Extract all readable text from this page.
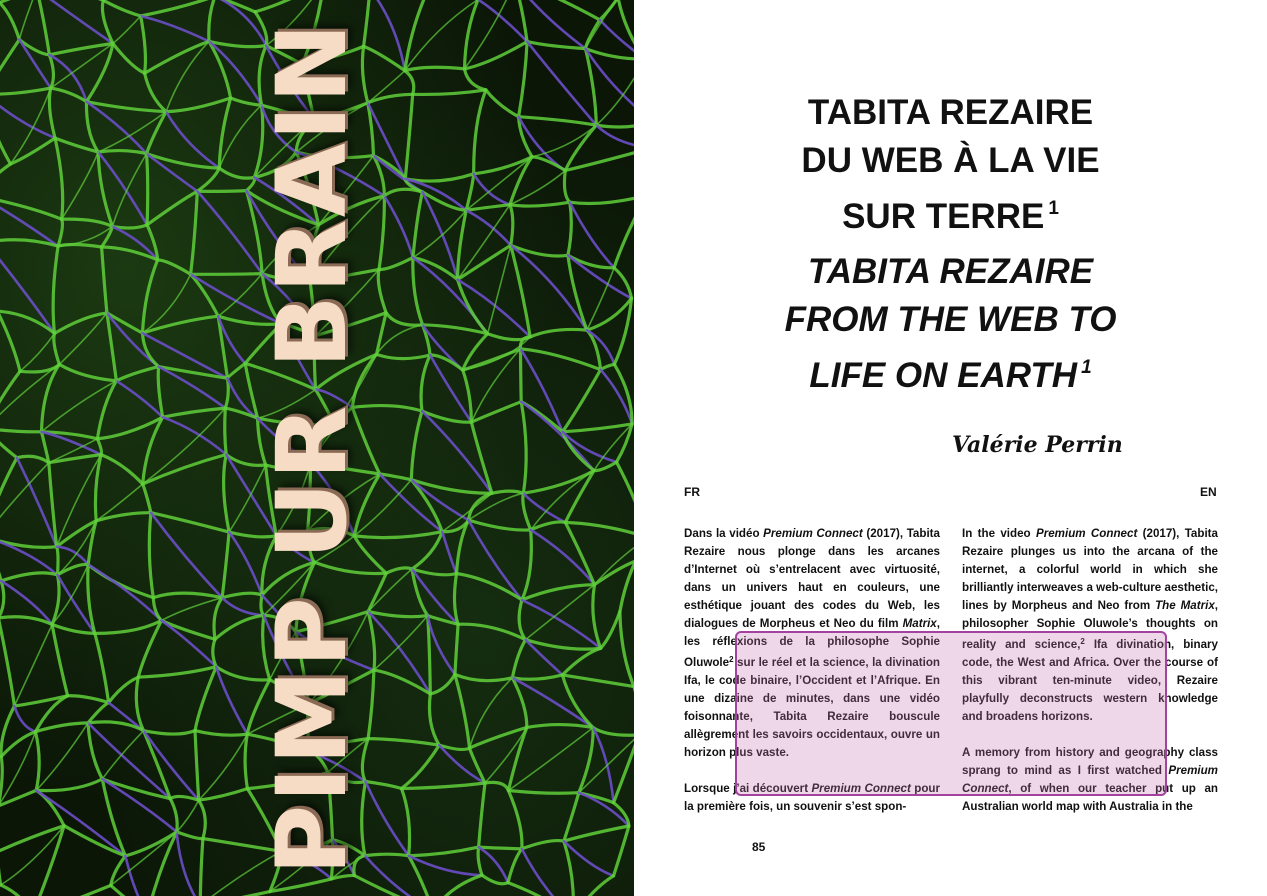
PIMP UR BRAIN	TABITA REZAIRE
DU WEB À LA VIE
SUR TERRE $^1$
TABITA REZAIRE
FROM THE WEB TO
LIFE ON EARTH $^1$
Valérie Perrin
FR	EN

Dans la vidéo Premium Connect (2017), Tabita Rezaire nous plonge dans les arcanes d’Internet où s’entrelacent avec virtuosité, dans un univers haut en couleurs, une esthétique jouant des codes du Web, les dialogues de Morpheus et Neo du film Matrix, les réflexions de la philosophe Sophie Oluwole$^2$ sur le réel et la science, la divination Ifa, le code binaire, l’Occident et l’Afrique. En une dizaine de minutes, dans une vidéo foisonnante, Tabita Rezaire bouscule allègrement les savoirs occidentaux, ouvre un horizon plus vaste.

Lorsque j’ai découvert Premium Connect pour la première fois, un souvenir s’est spon-

In the video Premium Connect (2017), Tabita Rezaire plunges us into the arcana of the internet, a colorful world in which she brilliantly interweaves a web-culture aesthetic, lines by Morpheus and Neo from The Matrix, philosopher Sophie Oluwole’s thoughts on reality and science,$^2$ Ifa divination, binary code, the West and Africa. Over the course of this vibrant ten-minute video, Rezaire playfully deconstructs western knowledge and broadens horizons.

A memory from history and geography class sprang to mind as I first watched Premium Connect, of when our teacher put up an Australian world map with Australia in the

85
